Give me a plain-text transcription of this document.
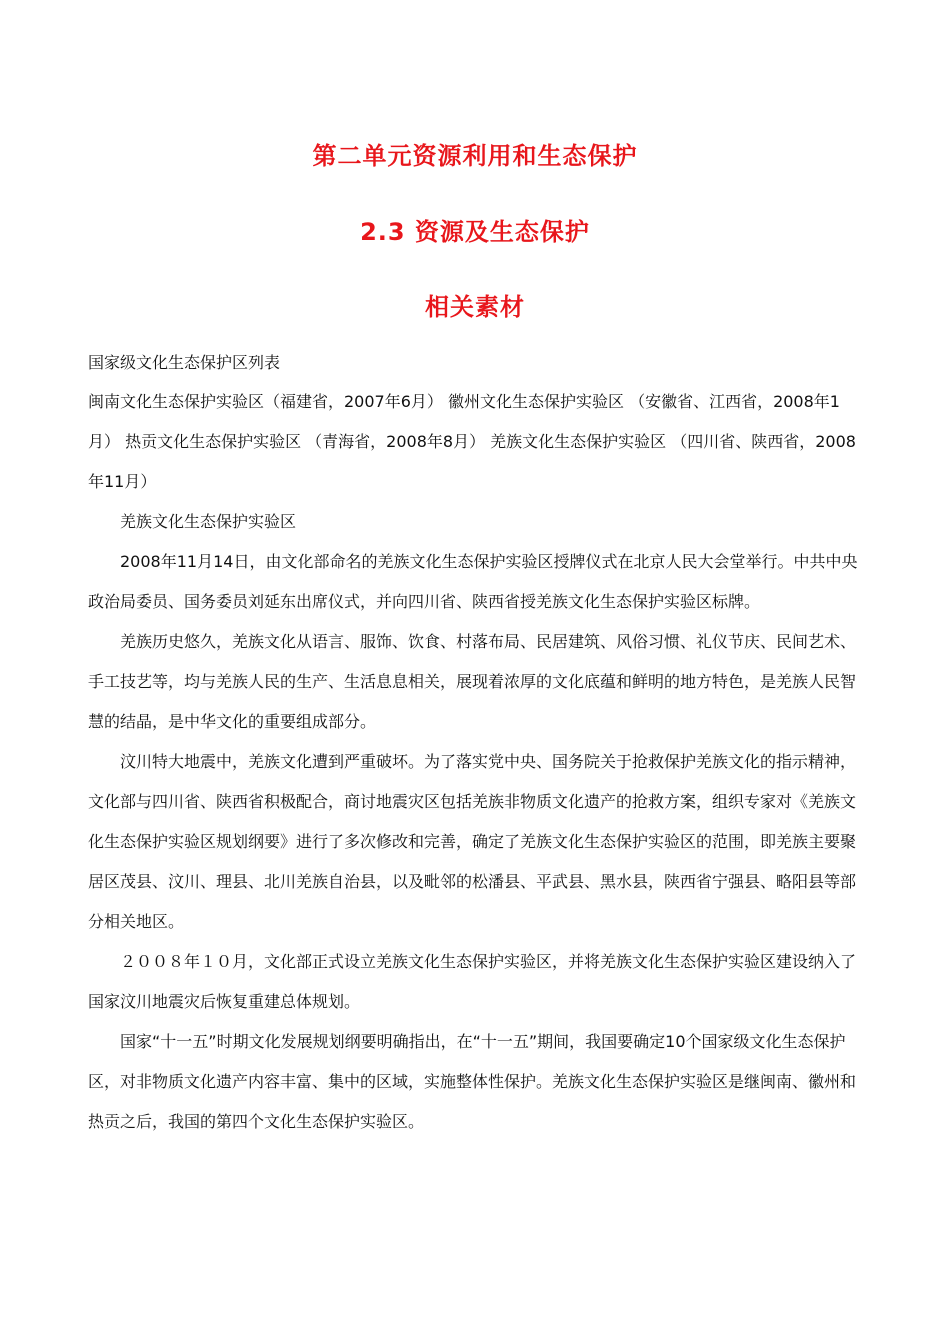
第二单元资源利用和生态保护
2.3 资源及生态保护
相关素材

国家级文化生态保护区列表

闽南文化生态保护实验区（福建省，2007年6月） 徽州文化生态保护实验区 （安徽省、江西省，2008年1月） 热贡文化生态保护实验区 （青海省，2008年8月） 羌族文化生态保护实验区 （四川省、陕西省，2008年11月）

羌族文化生态保护实验区

2008年11月14日，由文化部命名的羌族文化生态保护实验区授牌仪式在北京人民大会堂举行。中共中央政治局委员、国务委员刘延东出席仪式，并向四川省、陕西省授羌族文化生态保护实验区标牌。

羌族历史悠久，羌族文化从语言、服饰、饮食、村落布局、民居建筑、风俗习惯、礼仪节庆、民间艺术、手工技艺等，均与羌族人民的生产、生活息息相关，展现着浓厚的文化底蕴和鲜明的地方特色，是羌族人民智慧的结晶，是中华文化的重要组成部分。

汶川特大地震中，羌族文化遭到严重破坏。为了落实党中央、国务院关于抢救保护羌族文化的指示精神，文化部与四川省、陕西省积极配合，商讨地震灾区包括羌族非物质文化遗产的抢救方案，组织专家对《羌族文化生态保护实验区规划纲要》进行了多次修改和完善，确定了羌族文化生态保护实验区的范围，即羌族主要聚居区茂县、汶川、理县、北川羌族自治县，以及毗邻的松潘县、平武县、黑水县，陕西省宁强县、略阳县等部分相关地区。

２００８年１０月，文化部正式设立羌族文化生态保护实验区，并将羌族文化生态保护实验区建设纳入了国家汶川地震灾后恢复重建总体规划。

国家“十一五”时期文化发展规划纲要明确指出，在“十一五”期间，我国要确定10个国家级文化生态保护区，对非物质文化遗产内容丰富、集中的区域，实施整体性保护。羌族文化生态保护实验区是继闽南、徽州和热贡之后，我国的第四个文化生态保护实验区。
